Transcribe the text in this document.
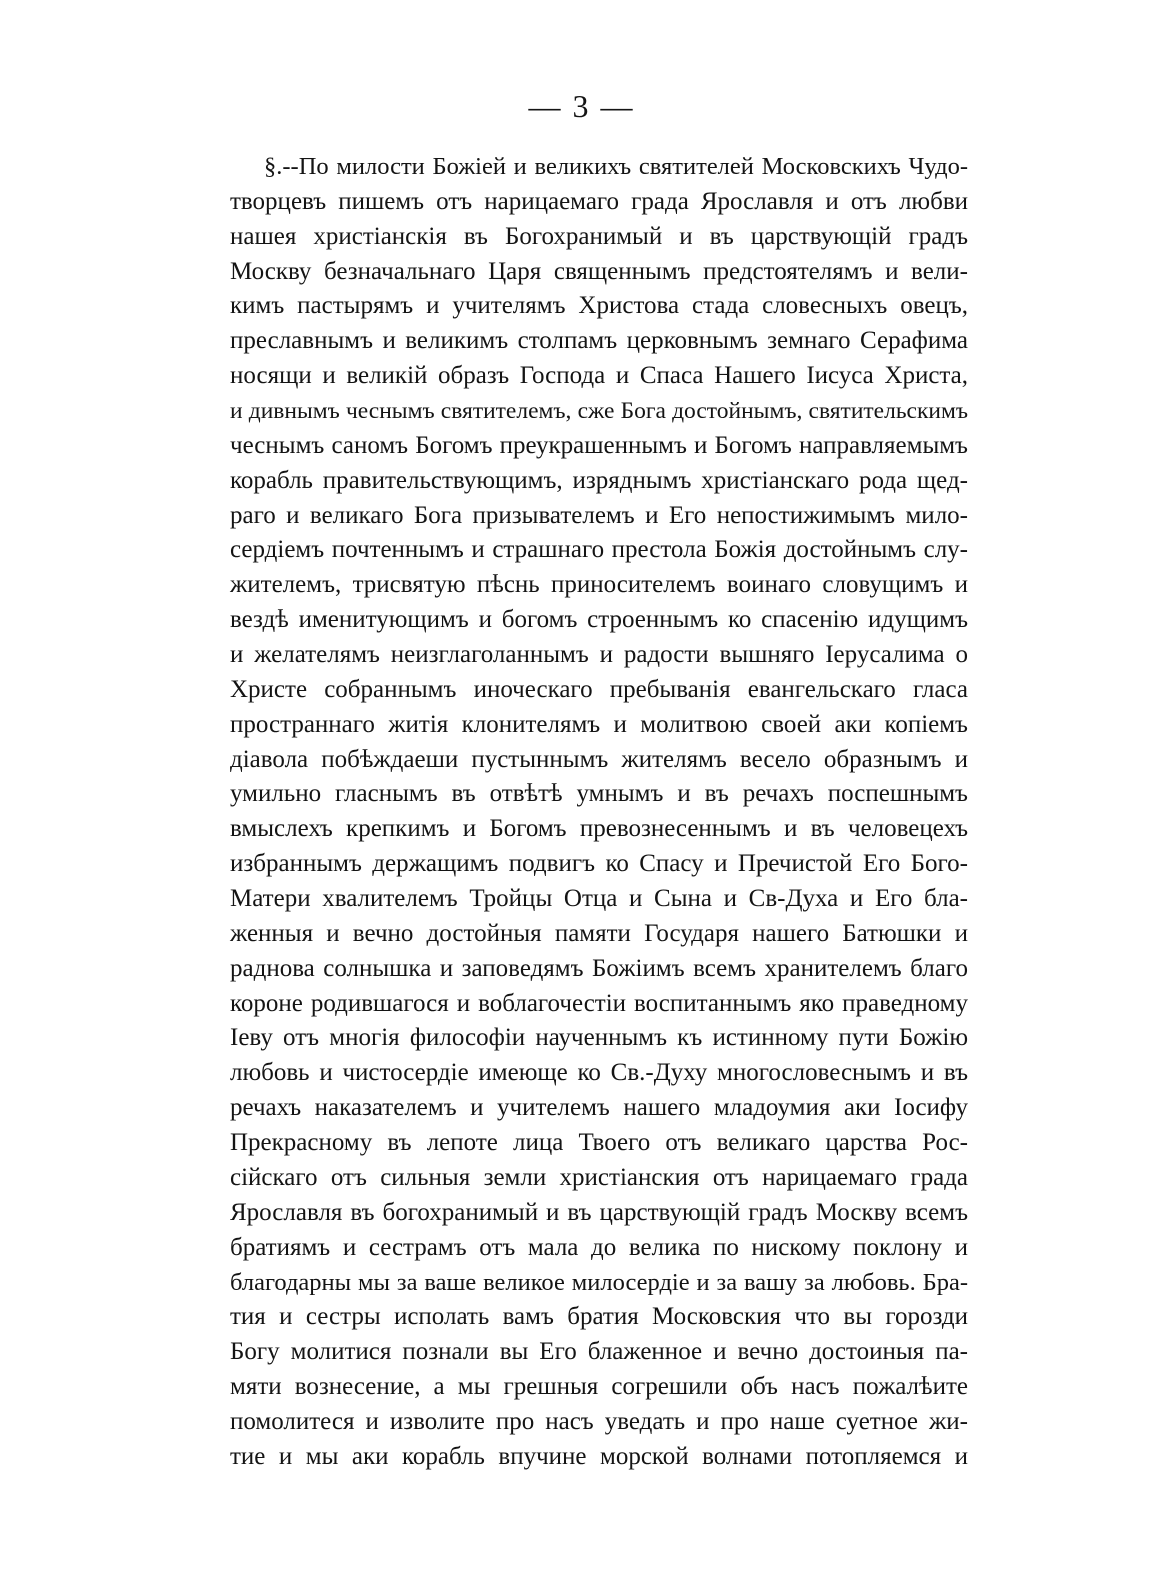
— 3 —
§.--По милости Божіей и великихъ святителей Московскихъ Чудо-
творцевъ пишемъ отъ нарицаемаго града Ярославля и отъ любви
нашея христіанскія въ Богохранимый и въ царствующій градъ
Москву безначальнаго Царя священнымъ предстоятелямъ и вели-
кимъ пастырямъ и учителямъ Христова стада словесныхъ овецъ,
преславнымъ и великимъ столпамъ церковнымъ земнаго Серафима
носящи и великій образъ Господа и Спаса Нашего Іисуса Христа,
и дивнымъ чеснымъ святителемъ, сже Бога достойнымъ, святительскимъ
чеснымъ саномъ Богомъ преукрашеннымъ и Богомъ направляемымъ
корабль правительствующимъ, изряднымъ христіанскаго рода щед-
раго и великаго Бога призывателемъ и Его непостижимымъ мило-
сердіемъ почтеннымъ и страшнаго престола Божія достойнымъ слу-
жителемъ, трисвятую пѣснь приносителемъ воинаго словущимъ и
вездѣ именитующимъ и богомъ строеннымъ ко спасенію идущимъ
и желателямъ неизглаголаннымъ и радости вышняго Іерусалима о
Христе собраннымъ иноческаго пребыванія евангельскаго гласа
пространнаго житія клонителямъ и молитвою своей аки копіемъ
діавола побѣждаеши пустыннымъ жителямъ весело образнымъ и
умильно гласнымъ въ отвѣтѣ умнымъ и въ речахъ поспешнымъ
вмыслехъ крепкимъ и Богомъ превознесеннымъ и въ человецехъ
избраннымъ держащимъ подвигъ ко Спасу и Пречистой Его Бого-
Матери хвалителемъ Тройцы Отца и Сына и Св-Духа и Его бла-
женныя и вечно достойныя памяти Государя нашего Батюшки и
раднова солнышка и заповедямъ Божіимъ всемъ хранителемъ благо
короне родившагося и воблагочестіи воспитаннымъ яко праведному
Іеву отъ многія философіи наученнымъ къ истинному пути Божію
любовь и чистосердіе имеюще ко Св.-Духу многословеснымъ и въ
речахъ наказателемъ и учителемъ нашего младоумия аки Іосифу
Прекрасному въ лепоте лица Твоего отъ великаго царства Рос-
сійскаго отъ сильныя земли христіанския отъ нарицаемаго града
Ярославля въ богохранимый и въ царствующій градъ Москву всемъ
братиямъ и сестрамъ отъ мала до велика по нискому поклону и
благодарны мы за ваше великое милосердіе и за вашу за любовь. Бра-
тия и сестры исполать вамъ братия Московския что вы горозди
Богу молитися познали вы Его блаженное и вечно достоиныя па-
мяти вознесение, а мы грешныя согрешили объ насъ пожалѣите
помолитеся и изволите про насъ уведать и про наше суетное жи-
тие и мы аки корабль впучине морской волнами потопляемся и
